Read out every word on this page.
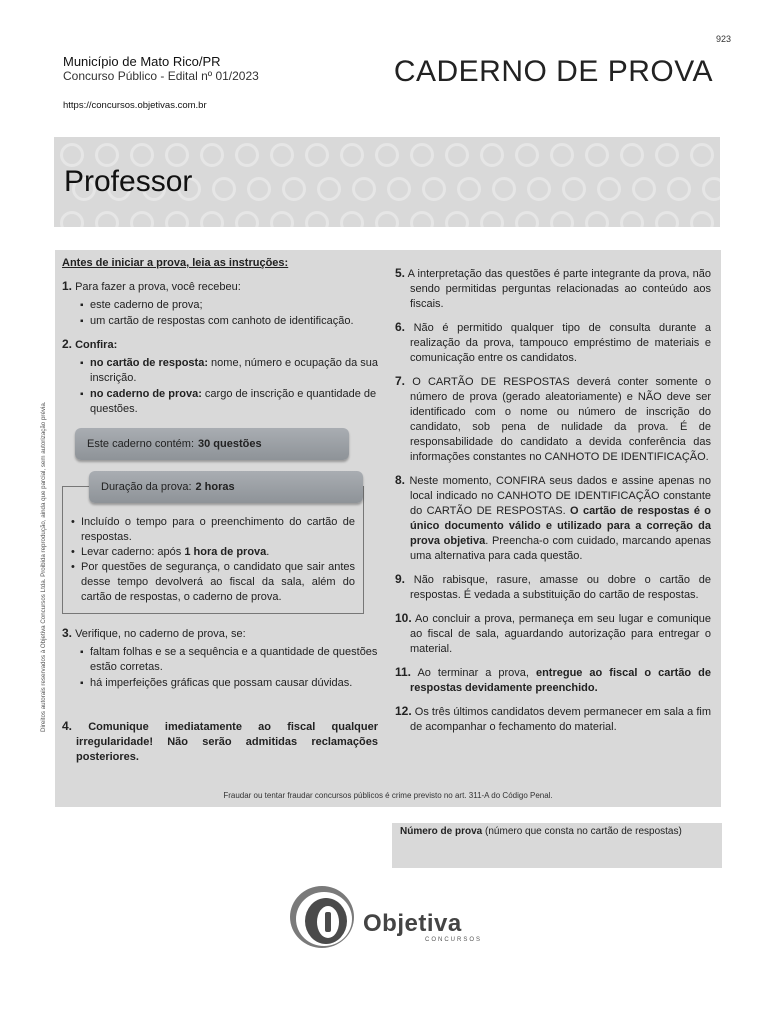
923
Município de Mato Rico/PR
Concurso Público - Edital nº 01/2023
https://concursos.objetivas.com.br
CADERNO DE PROVA
Professor
Direitos autorais reservados à Objetiva Concursos Ltda. Proibida reprodução, ainda que parcial, sem autorização prévia.
Antes de iniciar a prova, leia as instruções:
1. Para fazer a prova, você recebeu:
▪ este caderno de prova;
▪ um cartão de respostas com canhoto de identificação.
2. Confira:
▪ no cartão de resposta: nome, número e ocupação da sua inscrição.
▪ no caderno de prova: cargo de inscrição e quantidade de questões.
Este caderno contém: 30 questões
Duração da prova: 2 horas
• Incluído o tempo para o preenchimento do cartão de respostas.
• Levar caderno: após 1 hora de prova.
• Por questões de segurança, o candidato que sair antes desse tempo devolverá ao fiscal da sala, além do cartão de respostas, o caderno de prova.
3. Verifique, no caderno de prova, se:
▪ faltam folhas e se a sequência e a quantidade de questões estão corretas.
▪ há imperfeições gráficas que possam causar dúvidas.
4. Comunique imediatamente ao fiscal qualquer irregularidade! Não serão admitidas reclamações posteriores.
5. A interpretação das questões é parte integrante da prova, não sendo permitidas perguntas relacionadas ao conteúdo aos fiscais.
6. Não é permitido qualquer tipo de consulta durante a realização da prova, tampouco empréstimo de materiais e comunicação entre os candidatos.
7. O CARTÃO DE RESPOSTAS deverá conter somente o número de prova (gerado aleatoriamente) e NÃO deve ser identificado com o nome ou número de inscrição do candidato, sob pena de nulidade da prova. É de responsabilidade do candidato a devida conferência das informações constantes no CANHOTO DE IDENTIFICAÇÃO.
8. Neste momento, CONFIRA seus dados e assine apenas no local indicado no CANHOTO DE IDENTIFICAÇÃO constante do CARTÃO DE RESPOSTAS. O cartão de respostas é o único documento válido e utilizado para a correção da prova objetiva. Preencha-o com cuidado, marcando apenas uma alternativa para cada questão.
9. Não rabisque, rasure, amasse ou dobre o cartão de respostas. É vedada a substituição do cartão de respostas.
10. Ao concluir a prova, permaneça em seu lugar e comunique ao fiscal de sala, aguardando autorização para entregar o material.
11. Ao terminar a prova, entregue ao fiscal o cartão de respostas devidamente preenchido.
12. Os três últimos candidatos devem permanecer em sala a fim de acompanhar o fechamento do material.
Fraudar ou tentar fraudar concursos públicos é crime previsto no art. 311-A do Código Penal.
Número de prova (número que consta no cartão de respostas)
Objetiva
CONCURSOS
